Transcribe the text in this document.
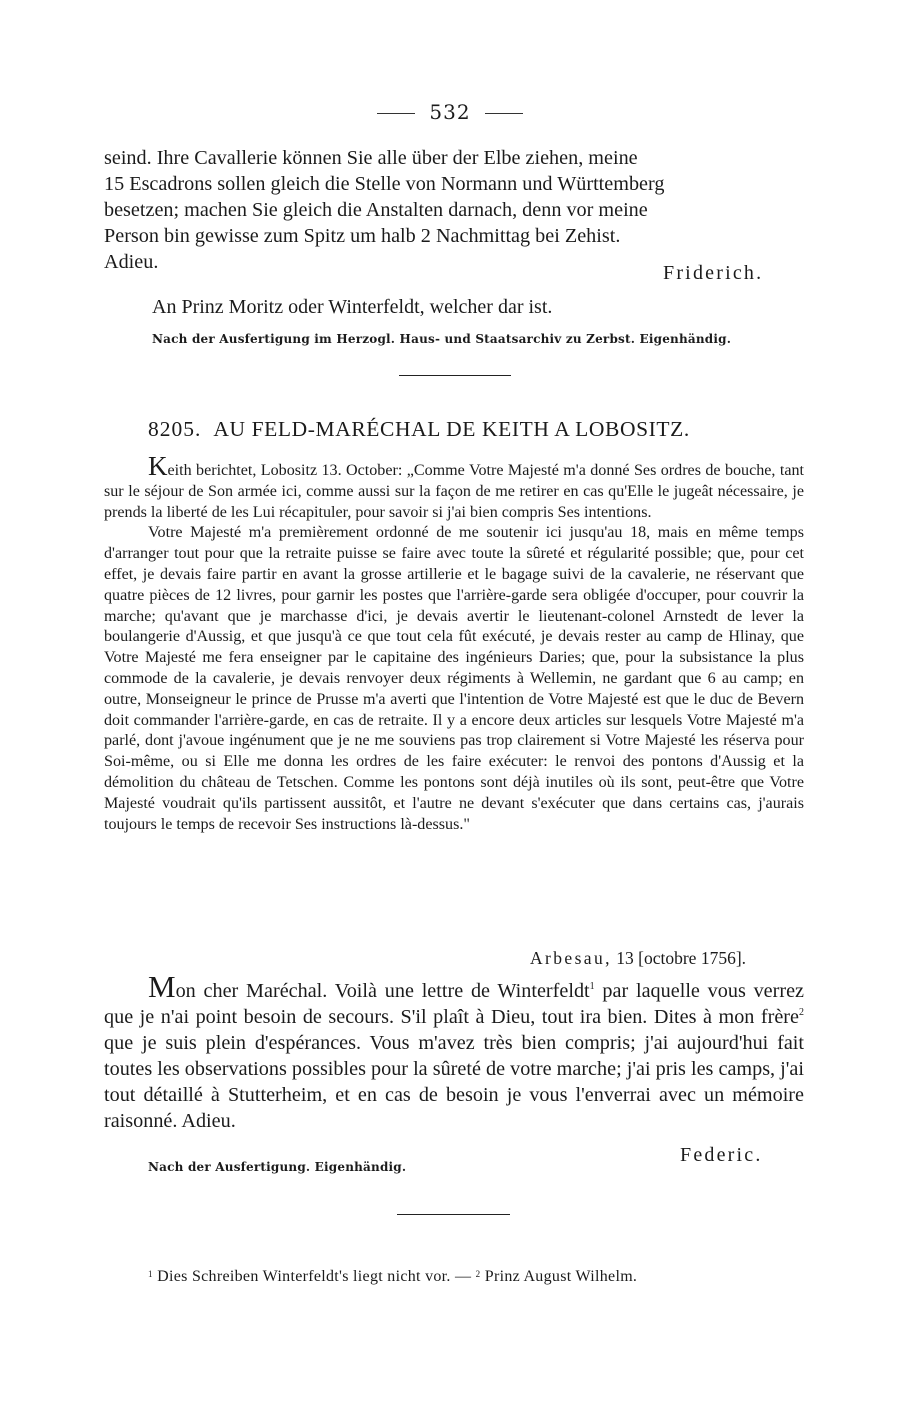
532

seind. Ihre Cavallerie können Sie alle über der Elbe ziehen, meine

15 Escadrons sollen gleich die Stelle von Normann und Württemberg

besetzen; machen Sie gleich die Anstalten darnach, denn vor meine

Person bin gewisse zum Spitz um halb 2 Nachmittag bei Zehist.

Adieu.	Friderich.
An Prinz Moritz oder Winterfeldt, welcher dar ist.
Nach der Ausfertigung im Herzogl. Haus- und Staatsarchiv zu Zerbst. Eigenhändig.
8205. AU FELD-MARÉCHAL DE KEITH A LOBOSITZ.

Keith berichtet, Lobositz 13. October: „Comme Votre Majesté m'a donné Ses ordres de bouche, tant sur le séjour de Son armée ici, comme aussi sur la façon de me retirer en cas qu'Elle le jugeât nécessaire, je prends la liberté de les Lui récapituler, pour savoir si j'ai bien compris Ses intentions.

Votre Majesté m'a premièrement ordonné de me soutenir ici jusqu'au 18, mais en même temps d'arranger tout pour que la retraite puisse se faire avec toute la sûreté et régularité possible; que, pour cet effet, je devais faire partir en avant la grosse artillerie et le bagage suivi de la cavalerie, ne réservant que quatre pièces de 12 livres, pour garnir les postes que l'arrière-garde sera obligée d'occuper, pour couvrir la marche; qu'avant que je marchasse d'ici, je devais avertir le lieutenant-colonel Arnstedt de lever la boulangerie d'Aussig, et que jusqu'à ce que tout cela fût exécuté, je devais rester au camp de Hlinay, que Votre Majesté me fera enseigner par le capitaine des ingénieurs Daries; que, pour la subsistance la plus commode de la cavalerie, je devais renvoyer deux régiments à Wellemin, ne gardant que 6 au camp; en outre, Monseigneur le prince de Prusse m'a averti que l'intention de Votre Majesté est que le duc de Bevern doit commander l'arrière-garde, en cas de retraite. Il y a encore deux articles sur lesquels Votre Majesté m'a parlé, dont j'avoue ingénument que je ne me souviens pas trop clairement si Votre Majesté les réserva pour Soi-même, ou si Elle me donna les ordres de les faire exécuter: le renvoi des pontons d'Aussig et la démolition du château de Tetschen. Comme les pontons sont déjà inutiles où ils sont, peut-être que Votre Majesté voudrait qu'ils partissent aussitôt, et l'autre ne devant s'exécuter que dans certains cas, j'aurais toujours le temps de recevoir Ses instructions là-dessus."

Arbesau, 13 [octobre 1756].

Mon cher Maréchal. Voilà une lettre de Winterfeldt$^1$ par laquelle vous verrez que je n'ai point besoin de secours. S'il plaît à Dieu, tout ira bien. Dites à mon frère$^2$ que je suis plein d'espérances. Vous m'avez très bien compris; j'ai aujourd'hui fait toutes les observations possibles pour la sûreté de votre marche; j'ai pris les camps, j'ai tout détaillé à Stutterheim, et en cas de besoin je vous l'enverrai avec un mémoire raisonné. Adieu.

Federic.
Nach der Ausfertigung. Eigenhändig.
$^1$ Dies Schreiben Winterfeldt's liegt nicht vor. — $^2$ Prinz August Wilhelm.
